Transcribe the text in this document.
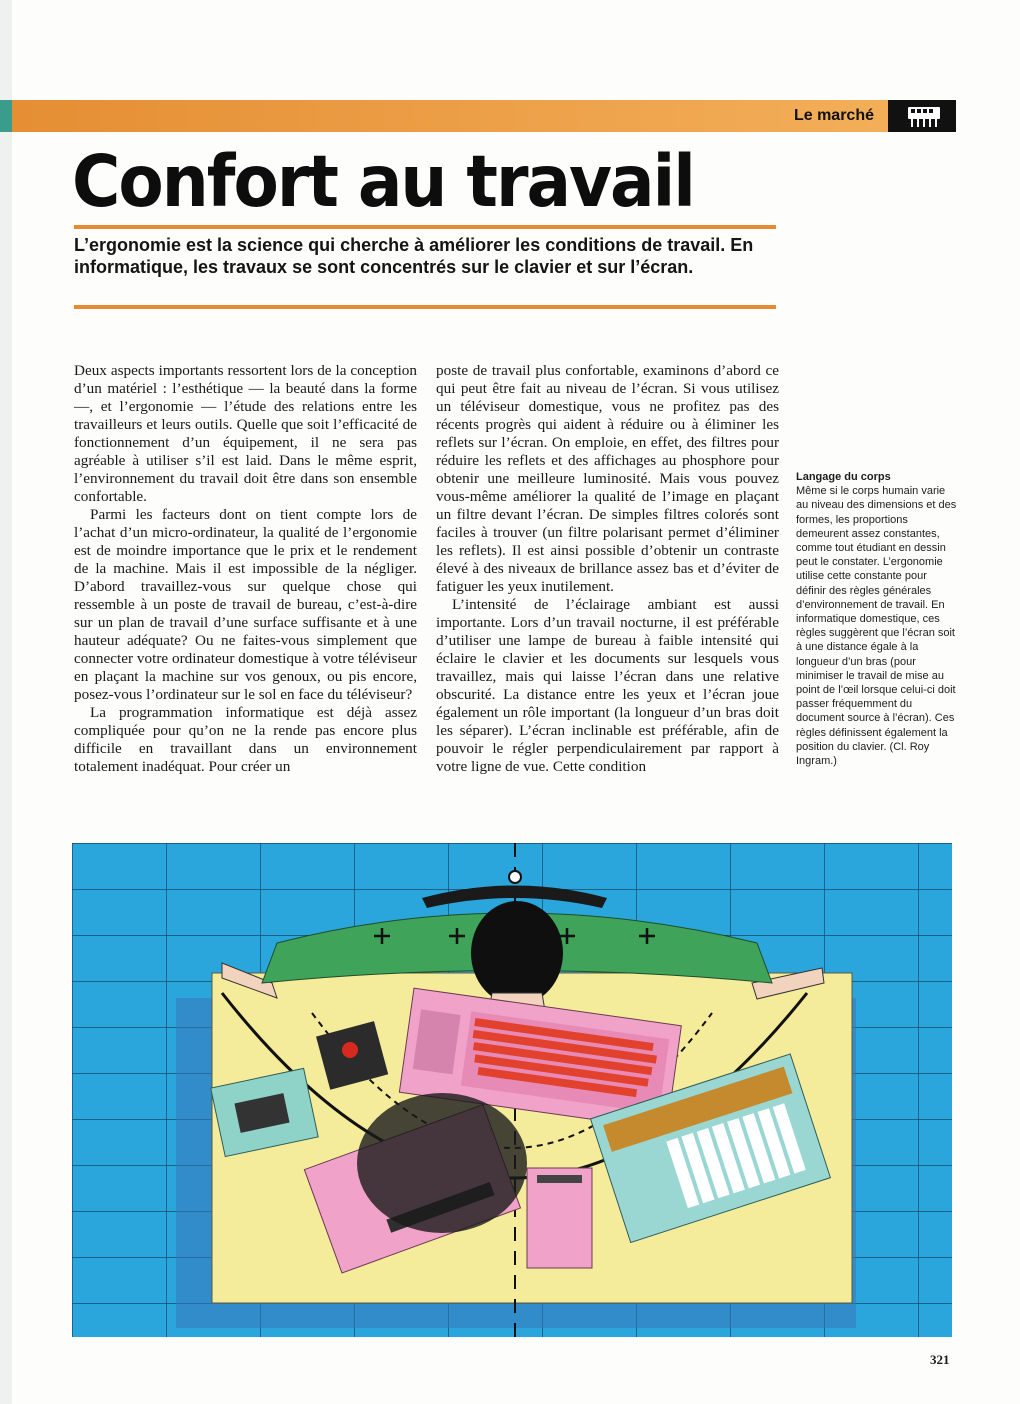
Le marché
Confort au travail

L’ergonomie est la science qui cherche à améliorer les conditions de travail. En informatique, les travaux se sont concentrés sur le clavier et sur l’écran.

Deux aspects importants ressortent lors de la conception d’un matériel : l’esthétique — la beauté dans la forme —, et l’ergonomie — l’étude des relations entre les travailleurs et leurs outils. Quelle que soit l’efficacité de fonctionnement d’un équipement, il ne sera pas agréable à utiliser s’il est laid. Dans le même esprit, l’environnement du travail doit être dans son ensemble confortable.

Parmi les facteurs dont on tient compte lors de l’achat d’un micro-ordinateur, la qualité de l’ergonomie est de moindre importance que le prix et le rendement de la machine. Mais il est impossible de la négliger. D’abord travaillez-vous sur quelque chose qui ressemble à un poste de travail de bureau, c’est-à-dire sur un plan de travail d’une surface suffisante et à une hauteur adéquate? Ou ne faites-vous simplement que connecter votre ordinateur domestique à votre téléviseur en plaçant la machine sur vos genoux, ou pis encore, posez-vous l’ordinateur sur le sol en face du téléviseur?

La programmation informatique est déjà assez compliquée pour qu’on ne la rende pas encore plus difficile en travaillant dans un environnement totalement inadéquat. Pour créer un

poste de travail plus confortable, examinons d’abord ce qui peut être fait au niveau de l’écran. Si vous utilisez un téléviseur domestique, vous ne profitez pas des récents progrès qui aident à réduire ou à éliminer les reflets sur l’écran. On emploie, en effet, des filtres pour réduire les reflets et des affichages au phosphore pour obtenir une meilleure luminosité. Mais vous pouvez vous-même améliorer la qualité de l’image en plaçant un filtre devant l’écran. De simples filtres colorés sont faciles à trouver (un filtre polarisant permet d’éliminer les reflets). Il est ainsi possible d’obtenir un contraste élevé à des niveaux de brillance assez bas et d’éviter de fatiguer les yeux inutilement.

L’intensité de l’éclairage ambiant est aussi importante. Lors d’un travail nocturne, il est préférable d’utiliser une lampe de bureau à faible intensité qui éclaire le clavier et les documents sur lesquels vous travaillez, mais qui laisse l’écran dans une relative obscurité. La distance entre les yeux et l’écran joue également un rôle important (la longueur d’un bras doit les séparer). L’écran inclinable est préférable, afin de pouvoir le régler perpendiculairement par rapport à votre ligne de vue. Cette condition

Langage du corps
Même si le corps humain varie au niveau des dimensions et des formes, les proportions demeurent assez constantes, comme tout étudiant en dessin peut le constater. L’ergonomie utilise cette constante pour définir des règles générales d’environnement de travail. En informatique domestique, ces règles suggèrent que l’écran soit à une distance égale à la longueur d’un bras (pour minimiser le travail de mise au point de l’œil lorsque celui-ci doit passer fréquemment du document source à l’écran). Ces règles définissent également la position du clavier. (Cl. Roy Ingram.)
321
